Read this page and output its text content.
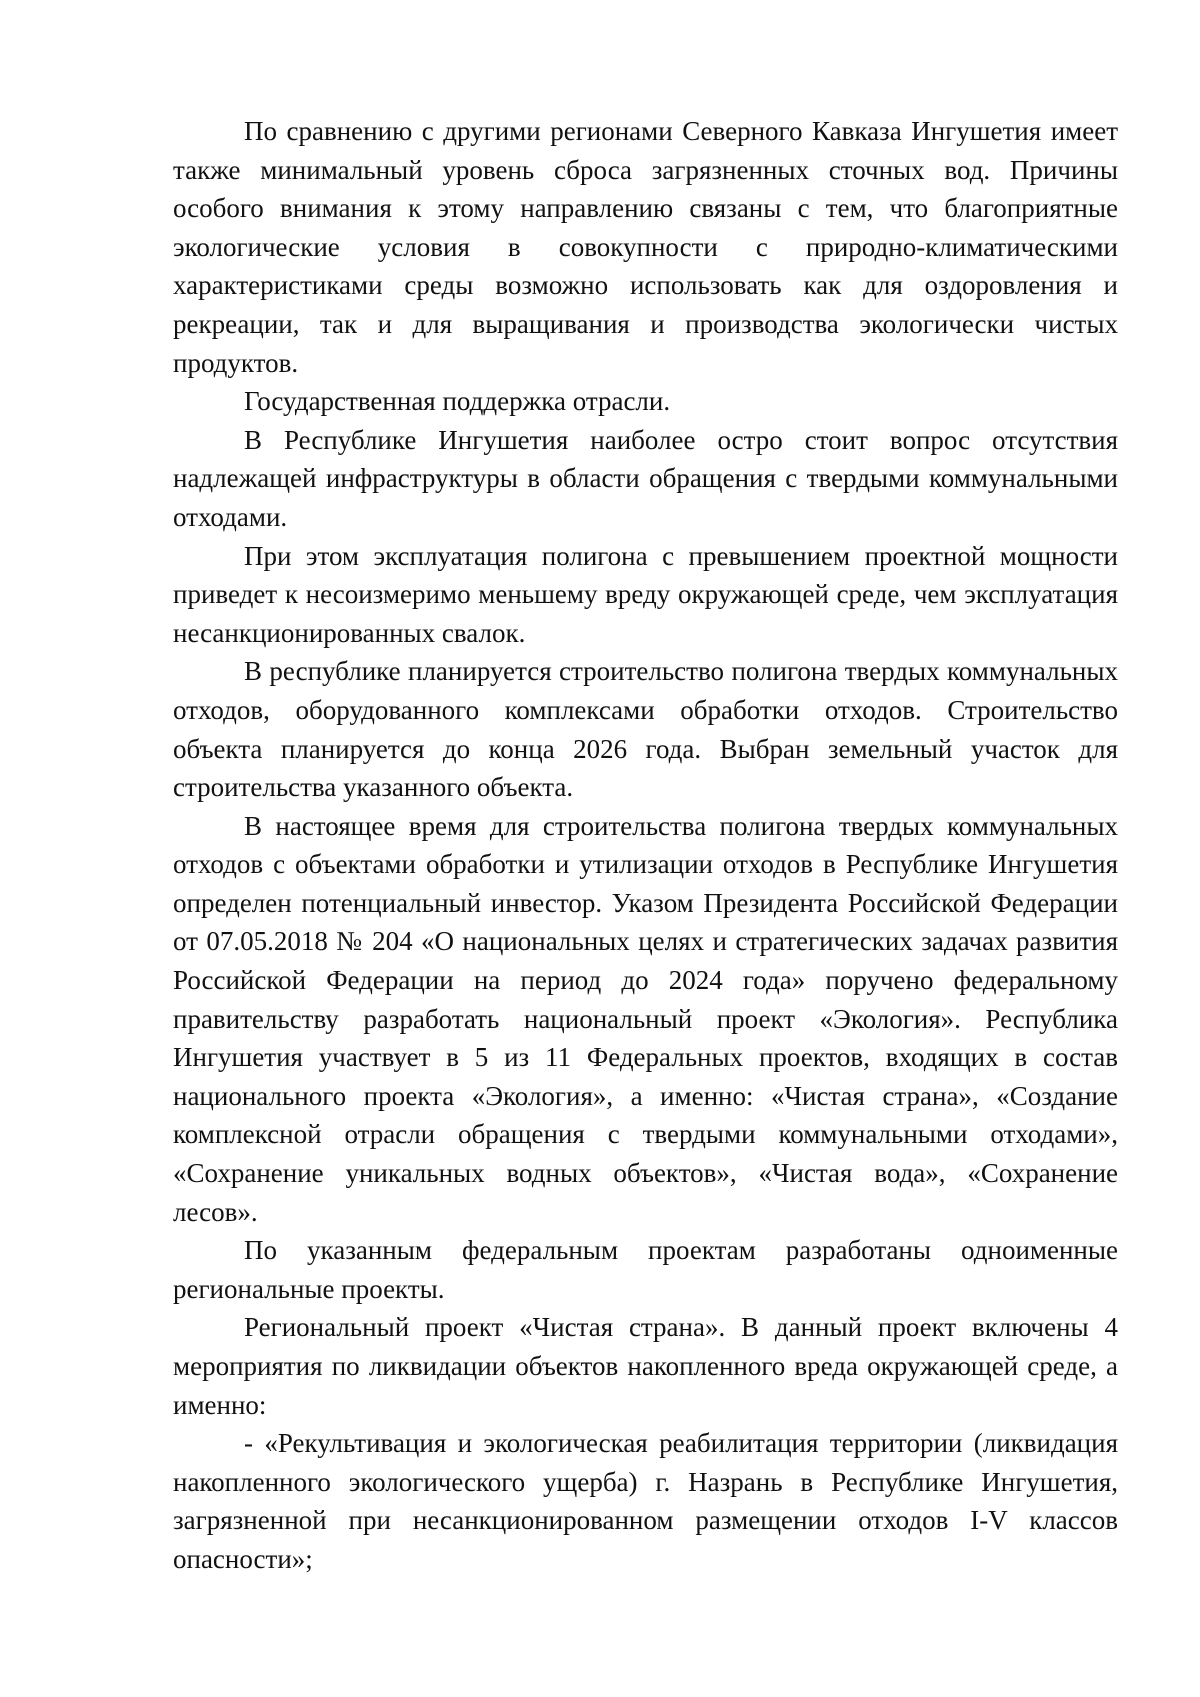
По сравнению с другими регионами Северного Кавказа Ингушетия имеет также минимальный уровень сброса загрязненных сточных вод. Причины особого внимания к этому направлению связаны с тем, что благоприятные экологические условия в совокупности с природно-климатическими характеристиками среды возможно использовать как для оздоровления и рекреации, так и для выращивания и производства экологически чистых продуктов.

Государственная поддержка отрасли.

В Республике Ингушетия наиболее остро стоит вопрос отсутствия надлежащей инфраструктуры в области обращения с твердыми коммунальными отходами.

При этом эксплуатация полигона с превышением проектной мощности приведет к несоизмеримо меньшему вреду окружающей среде, чем эксплуатация несанкционированных свалок.

В республике планируется строительство полигона твердых коммунальных отходов, оборудованного комплексами обработки отходов. Строительство объекта планируется до конца 2026 года. Выбран земельный участок для строительства указанного объекта.

В настоящее время для строительства полигона твердых коммунальных отходов с объектами обработки и утилизации отходов в Республике Ингушетия определен потенциальный инвестор. Указом Президента Российской Федерации от 07.05.2018 № 204 «О национальных целях и стратегических задачах развития Российской Федерации на период до 2024 года» поручено федеральному правительству разработать национальный проект «Экология». Республика Ингушетия участвует в 5 из 11 Федеральных проектов, входящих в состав национального проекта «Экология», а именно: «Чистая страна», «Создание комплексной отрасли обращения с твердыми коммунальными отходами», «Сохранение уникальных водных объектов», «Чистая вода», «Сохранение лесов».

По указанным федеральным проектам разработаны одноименные региональные проекты.

Региональный проект «Чистая страна». В данный проект включены 4 мероприятия по ликвидации объектов накопленного вреда окружающей среде, а именно:

- «Рекультивация и экологическая реабилитация территории (ликвидация накопленного экологического ущерба) г. Назрань в Республике Ингушетия, загрязненной при несанкционированном размещении отходов I-V классов опасности»;
